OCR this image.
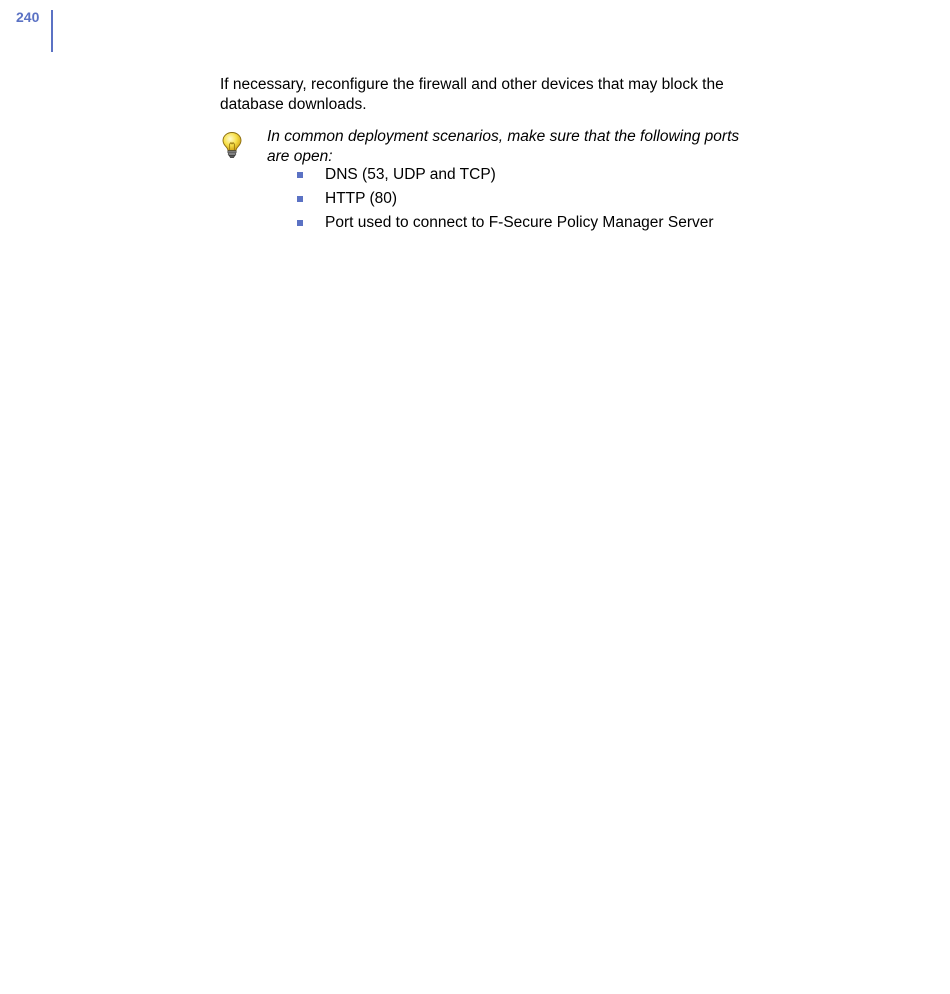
240

If necessary, reconfigure the firewall and other devices that may block the database downloads.

In common deployment scenarios, make sure that the following ports are open:

DNS (53, UDP and TCP)
HTTP (80)
Port used to connect to F-Secure Policy Manager Server
